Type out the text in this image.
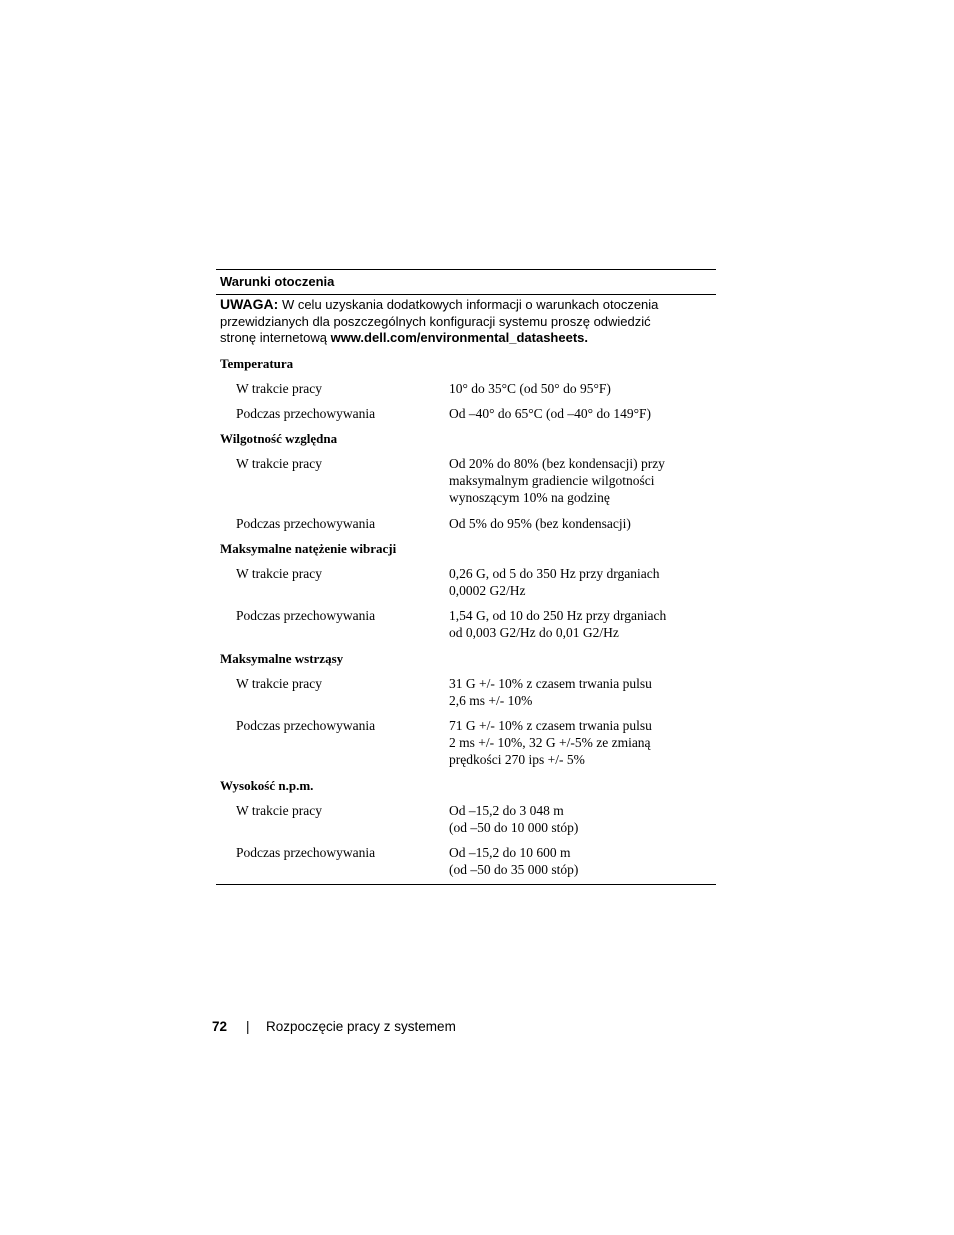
Warunki otoczenia
UWAGA: W celu uzyskania dodatkowych informacji o warunkach otoczenia przewidzianych dla poszczególnych konfiguracji systemu proszę odwiedzić stronę internetową www.dell.com/environmental_datasheets.
Temperatura
W trakcie pracy	10° do 35°C (od 50° do 95°F)
Podczas przechowywania	Od –40° do 65°C (od –40° do 149°F)
Wilgotność względna
W trakcie pracy	Od 20% do 80% (bez kondensacji) przy
maksymalnym gradiencie wilgotności
wynoszącym 10% na godzinę
Podczas przechowywania	Od 5% do 95% (bez kondensacji)
Maksymalne natężenie wibracji
W trakcie pracy	0,26 G, od 5 do 350 Hz przy drganiach
0,0002 G2/Hz
Podczas przechowywania	1,54 G, od 10 do 250 Hz przy drganiach
od 0,003 G2/Hz do 0,01 G2/Hz
Maksymalne wstrząsy
W trakcie pracy	31 G +/- 10% z czasem trwania pulsu
2,6 ms +/- 10%
Podczas przechowywania	71 G +/- 10% z czasem trwania pulsu
2 ms +/- 10%, 32 G +/-5% ze zmianą
prędkości 270 ips +/- 5%
Wysokość n.p.m.
W trakcie pracy	Od –15,2 do 3 048 m
(od –50 do 10 000 stóp)
Podczas przechowywania	Od –15,2 do 10 600 m
(od –50 do 35 000 stóp)
72	|	Rozpoczęcie pracy z systemem
